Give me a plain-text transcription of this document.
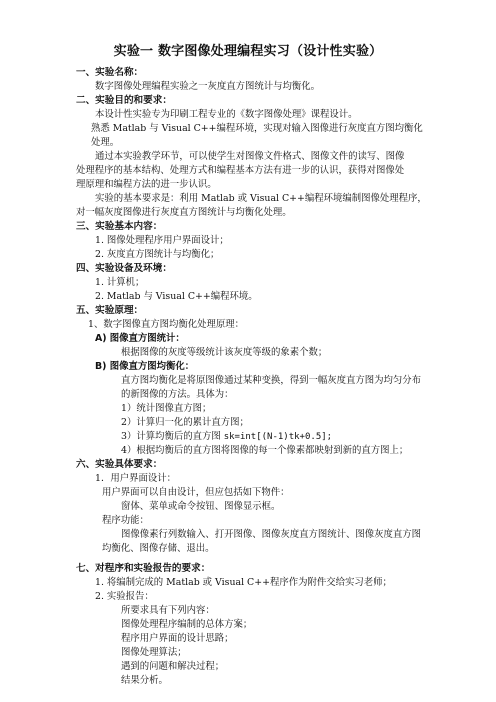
实验一 数字图像处理编程实习（设计性实验）
一、实验名称：
数字图像处理编程实验之一灰度直方图统计与均衡化。
二、实验目的和要求：
本设计性实验专为印刷工程专业的《数字图像处理》课程设计。
熟悉 Matlab 与 Visual C++编程环境，实现对输入图像进行灰度直方图均衡化
处理。
通过本实验教学环节，可以使学生对图像文件格式、图像文件的读写、图像
处理程序的基本结构、处理方式和编程基本方法有进一步的认识，获得对图像处
理原理和编程方法的进一步认识。
实验的基本要求是：利用 Matlab 或 Visual C++编程环境编制图像处理程序，
对一幅灰度图像进行灰度直方图统计与均衡化处理。
三、实验基本内容：
1. 图像处理程序用户界面设计；
2. 灰度直方图统计与均衡化；
四、实验设备及环境：
1. 计算机；
2. Matlab 与 Visual C++编程环境。
五、实验原理：
1、数字图像直方图均衡化处理原理：
A) 图像直方图统计：
根据图像的灰度等级统计该灰度等级的象素个数；
B) 图像直方图均衡化：
直方图均衡化是将原图像通过某种变换，得到一幅灰度直方图为均匀分布
的新图像的方法。具体为：
1）统计图像直方图；
2）计算归一化的累计直方图；
3）计算均衡后的直方图 sk=int[(N-1)tk+0.5];
4）根据均衡后的直方图将图像的每一个像素都映射到新的直方图上；
六、实验具体要求：
1．用户界面设计：
用户界面可以自由设计，但应包括如下物件：
窗体、菜单或命令按钮、图像显示框。
程序功能：
图像像素行列数输入、打开图像、图像灰度直方图统计、图像灰度直方图
均衡化、图像存储、退出。
七、对程序和实验报告的要求：
1. 将编制完成的 Matlab 或 Visual C++程序作为附件交给实习老师；
2. 实验报告：
所要求具有下列内容：
图像处理程序编制的总体方案；
程序用户界面的设计思路；
图像处理算法；
遇到的问题和解决过程；
结果分析。
